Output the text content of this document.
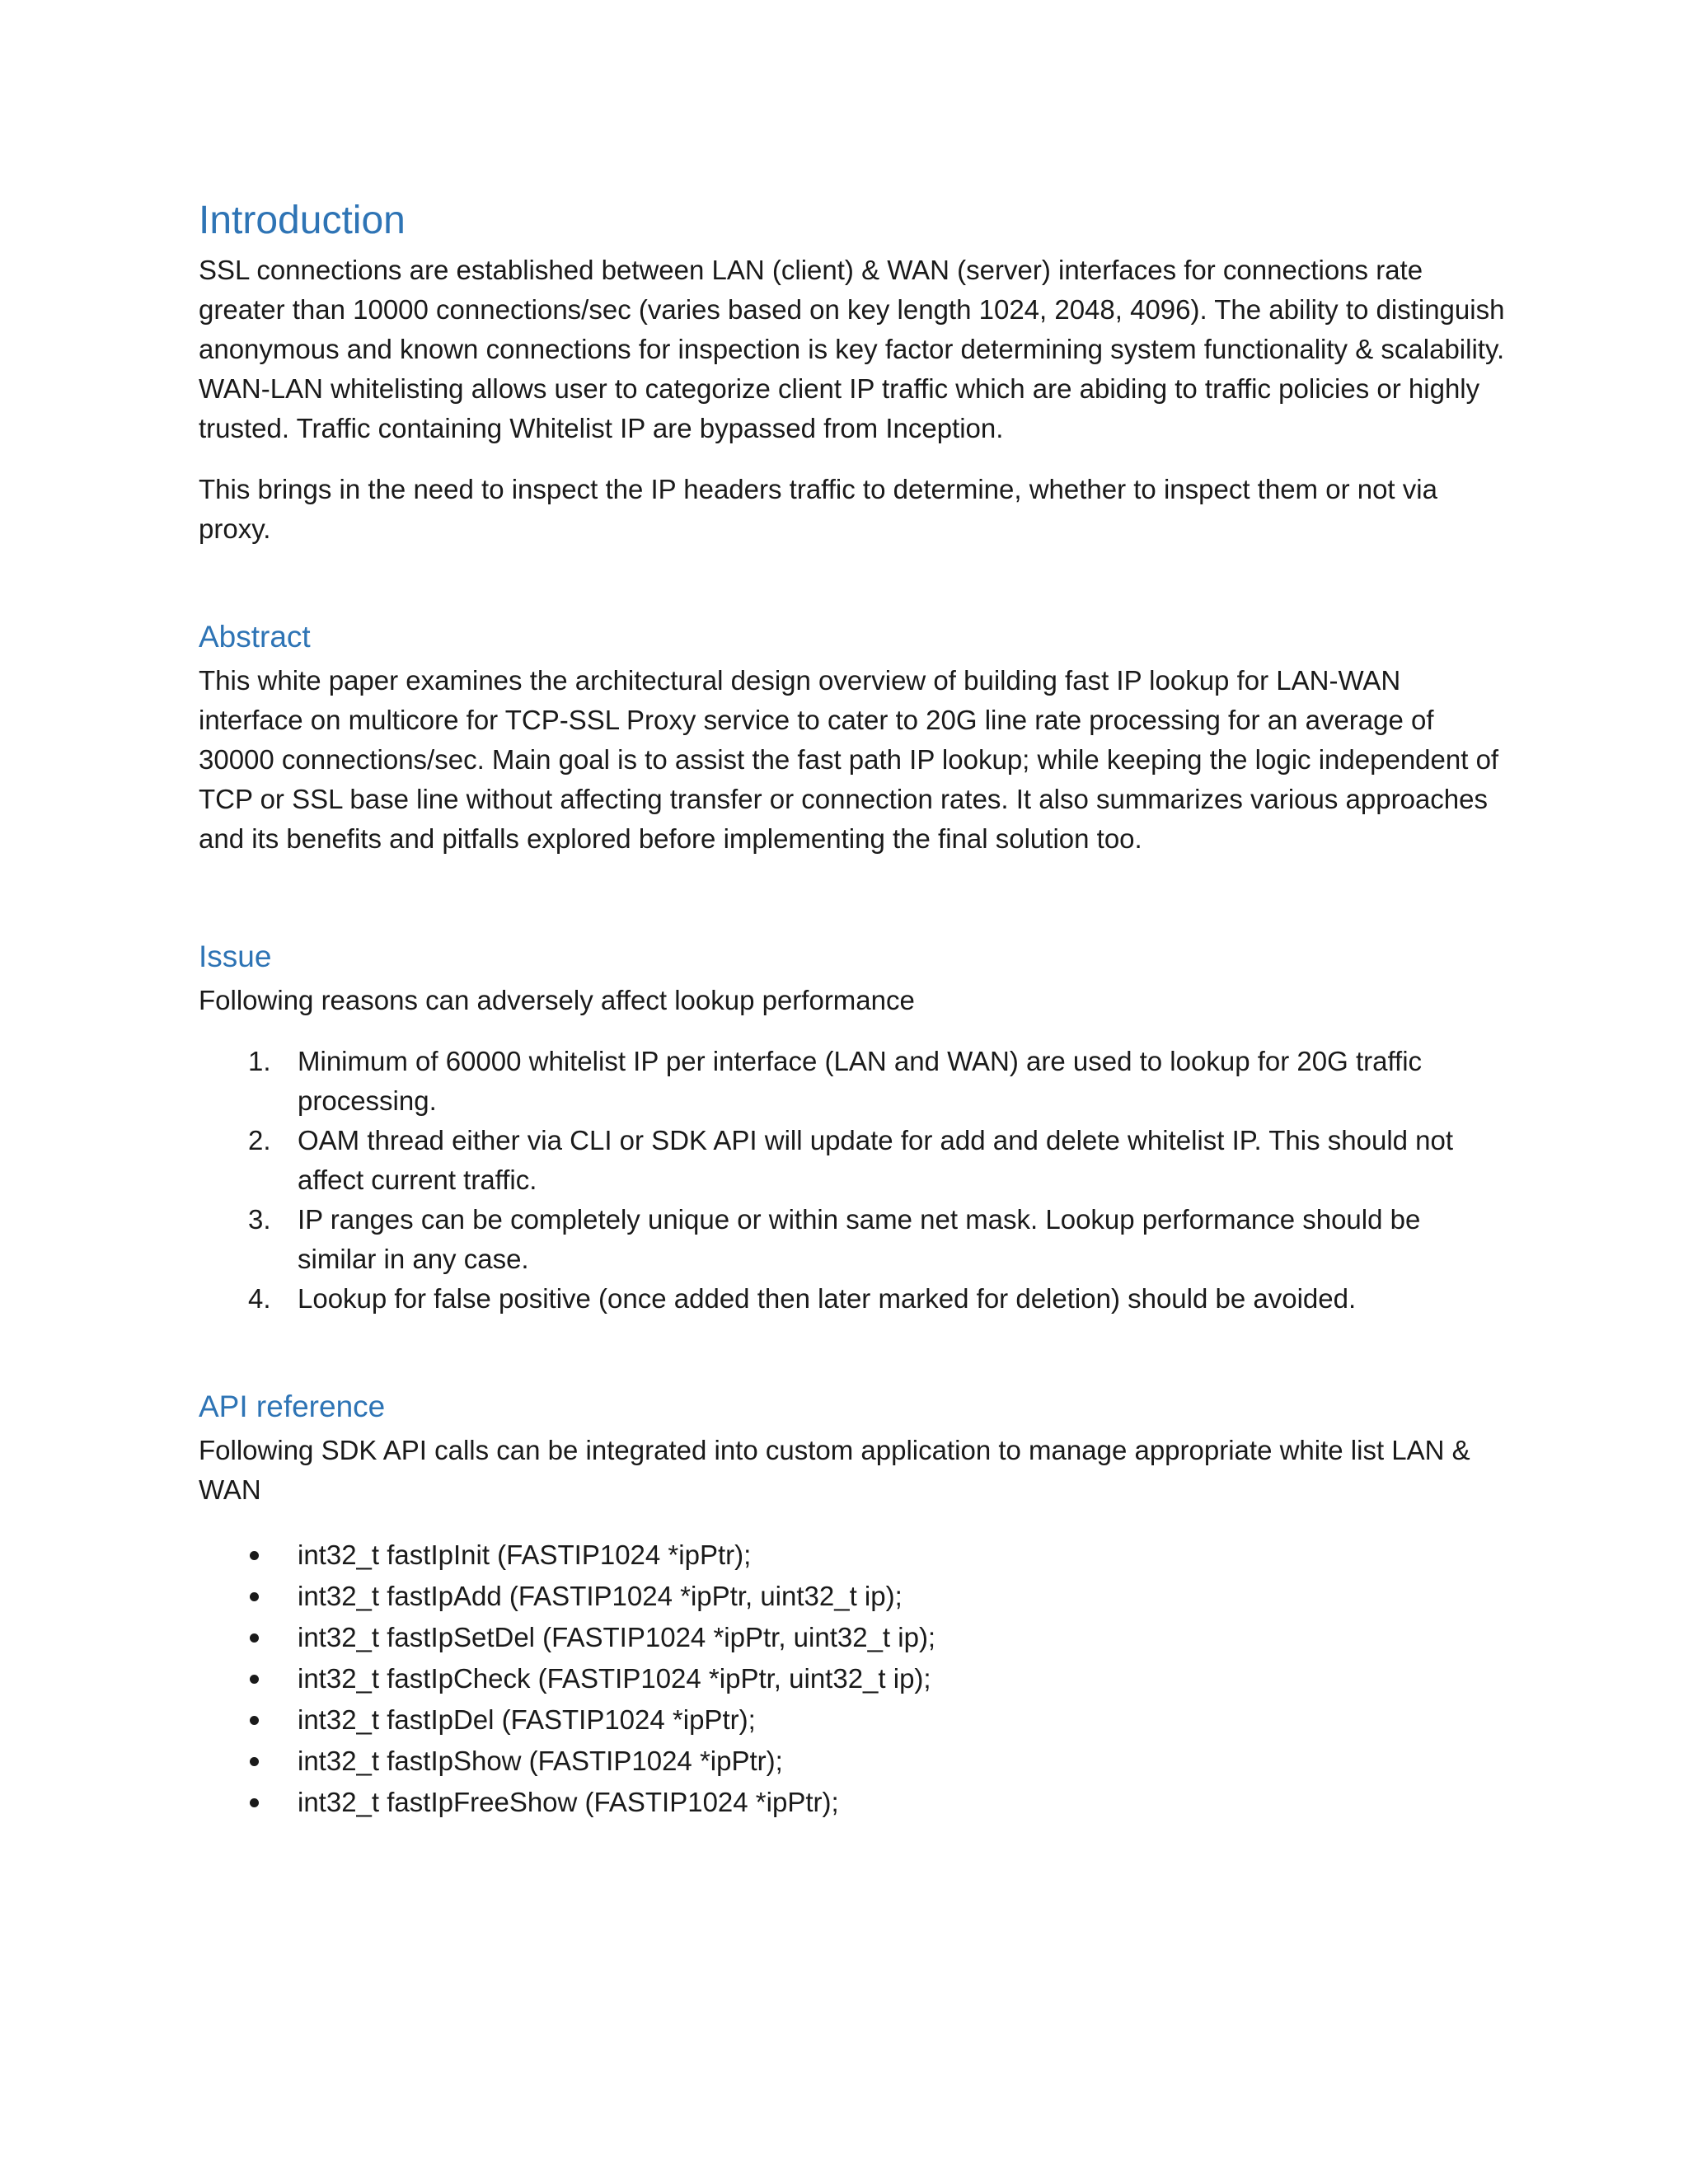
Introduction

SSL connections are established between LAN (client) & WAN (server) interfaces for connections rate greater than 10000 connections/sec (varies based on key length 1024, 2048, 4096). The ability to distinguish anonymous and known connections for inspection is key factor determining system functionality & scalability. WAN-LAN whitelisting allows user to categorize client IP traffic which are abiding to traffic policies or highly trusted. Traffic containing Whitelist IP are bypassed from Inception.

This brings in the need to inspect the IP headers traffic to determine, whether to inspect them or not via proxy.

Abstract

This white paper examines the architectural design overview of building fast IP lookup for LAN-WAN interface on multicore for TCP-SSL Proxy service to cater to 20G line rate processing for an average of 30000 connections/sec. Main goal is to assist the fast path IP lookup; while keeping the logic independent of TCP or SSL base line without affecting transfer or connection rates. It also summarizes various approaches and its benefits and pitfalls explored before implementing the final solution too.

Issue

Following reasons can adversely affect lookup performance

1. Minimum of 60000 whitelist IP per interface (LAN and WAN) are used to lookup for 20G traffic processing.
2. OAM thread either via CLI or SDK API will update for add and delete whitelist IP. This should not affect current traffic.
3. IP ranges can be completely unique or within same net mask. Lookup performance should be similar in any case.
4. Lookup for false positive (once added then later marked for deletion) should be avoided.
API reference

Following SDK API calls can be integrated into custom application to manage appropriate white list LAN & WAN

int32_t fastIpInit (FASTIP1024 *ipPtr);
int32_t fastIpAdd (FASTIP1024 *ipPtr, uint32_t ip);
int32_t fastIpSetDel (FASTIP1024 *ipPtr, uint32_t ip);
int32_t fastIpCheck (FASTIP1024 *ipPtr, uint32_t ip);
int32_t fastIpDel (FASTIP1024 *ipPtr);
int32_t fastIpShow (FASTIP1024 *ipPtr);
int32_t fastIpFreeShow (FASTIP1024 *ipPtr);
